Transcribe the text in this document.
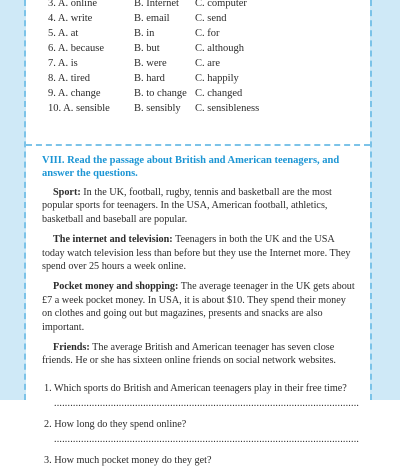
3. A. online	B. Internet	C. computer
4. A. write	B. email	C. send
5. A. at	B. in	C. for
6. A. because	B. but	C. although
7. A. is	B. were	C. are
8. A. tired	B. hard	C. happily
9. A. change	B. to change C. changed
10. A. sensible	B. sensibly	C. sensibleness

VIII. Read the passage about British and American teenagers, and answer the questions.

Sport: In the UK, football, rugby, tennis and basketball are the most popular sports for teenagers. In the USA, American football, athletics, basketball and baseball are popular.

The internet and television: Teenagers in both the UK and the USA today watch television less than before but they use the Internet more. They spend over 25 hours a week online.

Pocket money and shopping: The average teenager in the UK gets about £7 a week pocket money. In USA, it is about $10. They spend their money on clothes and going out but magazines, presents and snacks are also important.

Friends: The average British and American teenager has seven close friends. He or she has sixteen online friends on social network websites.

1. Which sports do British and American teenagers play in their free time?

.................................................................................................................

2. How long do they spend online?

.................................................................................................................

3. How much pocket money do they get?
